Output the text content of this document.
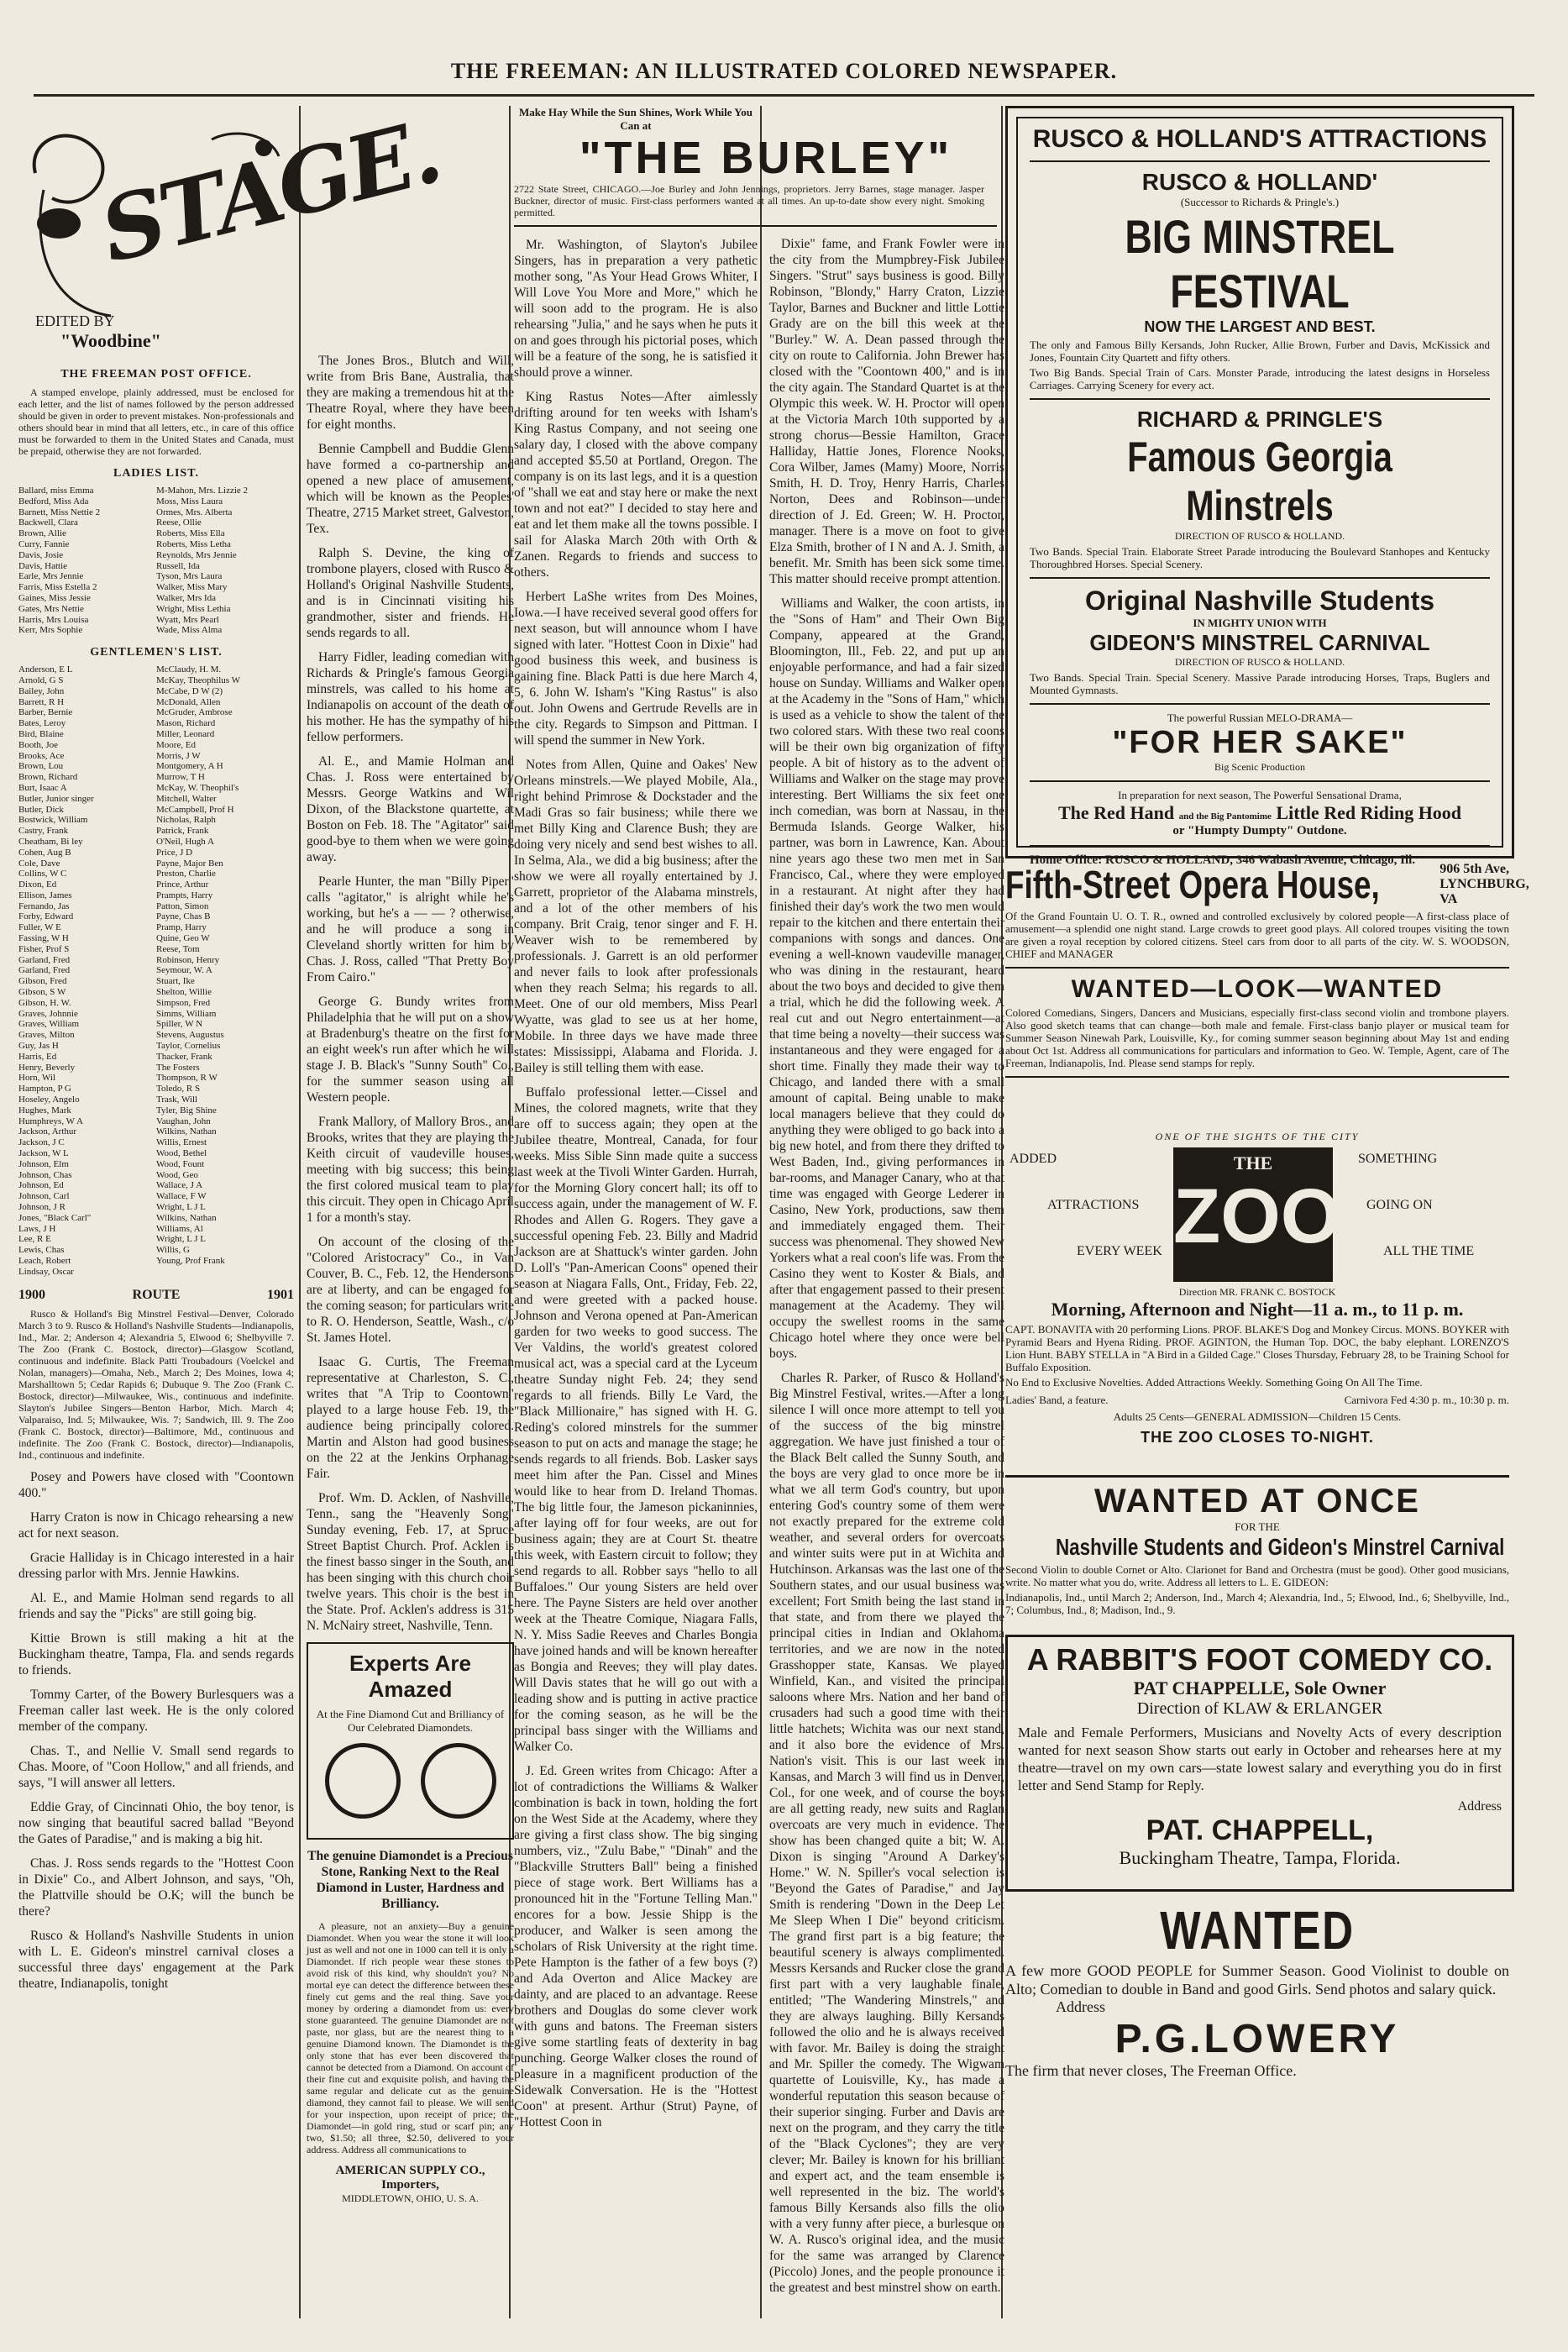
THE FREEMAN: AN ILLUSTRATED COLORED NEWSPAPER.
STAGE.
EDITED BY
"Woodbine"
THE FREEMAN POST OFFICE.

A stamped envelope, plainly addressed, must be enclosed for each letter, and the list of names followed by the person addressed should be given in order to prevent mistakes. Non-professionals and others should bear in mind that all letters, etc., in care of this office must be forwarded to them in the United States and Canada, must be prepaid, otherwise they are not forwarded.

LADIES LIST.
Ballard, miss Emma	M-Mahon, Mrs. Lizzie 2
Bedford, Miss Ada	Moss, Miss Laura
Barnett, Miss Nettie 2	Ormes, Mrs. Alberta
Backwell, Clara	Reese, Ollie
Brown, Allie	Roberts, Miss Ella
Curry, Fannie	Roberts, Miss Letha
Davis, Josie	Reynolds, Mrs Jennie
Davis, Hattie	Russell, Ida
Earle, Mrs Jennie	Tyson, Mrs Laura
Farris, Miss Estella 2	Walker, Miss Mary
Gaines, Miss Jessie	Walker, Mrs Ida
Gates, Mrs Nettie	Wright, Miss Lethia
Harris, Mrs Louisa	Wyatt, Mrs Pearl
Kerr, Mrs Sophie	Wade, Miss Alma
GENTLEMEN'S LIST.
Anderson, E L	McClaudy, H. M.
Arnold, G S	McKay, Theophilus W
Bailey, John	McCabe, D W (2)
Barrett, R H	McDonald, Allen
Barber, Bernie	McGruder, Ambrose
Bates, Leroy	Mason, Richard
Bird, Blaine	Miller, Leonard
Booth, Joe	Moore, Ed
Brooks, Ace	Morris, J W
Brown, Lou	Montgomery, A H
Brown, Richard	Murrow, T H
Burt, Isaac A	McKay, W. Theophil's
Butler, Junior singer	Mitchell, Walter
Butler, Dick	McCampbell, Prof H
Bostwick, William	Nicholas, Ralph
Castry, Frank	Patrick, Frank
Cheatham, Bi ley	O'Neil, Hugh A
Cohen, Aug B	Price, J D
Cole, Dave	Payne, Major Ben
Collins, W C	Preston, Charlie
Dixon, Ed	Prince, Arthur
Ellison, James	Prampts, Harry
Fernando, Jas	Patton, Simon
Forby, Edward	Payne, Chas B
Fuller, W E	Pramp, Harry
Fassing, W H	Quine, Geo W
Fisher, Prof S	Reese, Tom
Garland, Fred	Robinson, Henry
Garland, Fred	Seymour, W. A
Gibson, Fred	Stuart, Ike
Gibson, S W	Shelton, Willie
Gibson, H. W.	Simpson, Fred
Graves, Johnnie	Simms, William
Graves, William	Spiller, W N
Graves, Milton	Stevens, Augustus
Guy, Jas H	Taylor, Cornelius
Harris, Ed	Thacker, Frank
Henry, Beverly	The Fosters
Horn, Wil	Thompson, R W
Hampton, P G	Toledo, R S
Hoseley, Angelo	Trask, Will
Hughes, Mark	Tyler, Big Shine
Humphreys, W A	Vaughan, John
Jackson, Arthur	Wilkins, Nathan
Jackson, J C	Willis, Ernest
Jackson, W L	Wood, Bethel
Johnson, Elm	Wood, Fount
Johnson, Chas	Wood, Geo
Johnson, Ed	Wallace, J A
Johnson, Carl	Wallace, F W
Johnson, J R	Wright, L J L
Jones, "Black Carl"	Wilkins, Nathan
Laws, J H	Williams, Al
Lee, R E	Wright, L J L
Lewis, Chas	Willis, G
Leach, Robert	Young, Prof Frank
Lindsay, Oscar
1900	ROUTE	1901

Rusco & Holland's Big Minstrel Festival—Denver, Colorado March 3 to 9. Rusco & Holland's Nashville Students—Indianapolis, Ind., Mar. 2; Anderson 4; Alexandria 5, Elwood 6; Shelbyville 7. The Zoo (Frank C. Bostock, director)—Glasgow Scotland, continuous and indefinite. Black Patti Troubadours (Voelckel and Nolan, managers)—Omaha, Neb., March 2; Des Moines, Iowa 4; Marshalltown 5; Cedar Rapids 6; Dubuque 9. The Zoo (Frank C. Bostock, director)—Milwaukee, Wis., continuous and indefinite. Slayton's Jubilee Singers—Benton Harbor, Mich. March 4; Valparaiso, Ind. 5; Milwaukee, Wis. 7; Sandwich, Ill. 9. The Zoo (Frank C. Bostock, director)—Baltimore, Md., continuous and indefinite. The Zoo (Frank C. Bostock, director)—Indianapolis, Ind., continuous and indefinite.

Posey and Powers have closed with "Coontown 400."

Harry Craton is now in Chicago rehearsing a new act for next season.

Gracie Halliday is in Chicago interested in a hair dressing parlor with Mrs. Jennie Hawkins.

Al. E., and Mamie Holman send regards to all friends and say the "Picks" are still going big.

Kittie Brown is still making a hit at the Buckingham theatre, Tampa, Fla. and sends regards to friends.

Tommy Carter, of the Bowery Burlesquers was a Freeman caller last week. He is the only colored member of the company.

Chas. T., and Nellie V. Small send regards to Chas. Moore, of "Coon Hollow," and all friends, and says, "I will answer all letters.

Eddie Gray, of Cincinnati Ohio, the boy tenor, is now singing that beautiful sacred ballad "Beyond the Gates of Paradise," and is making a big hit.

Chas. J. Ross sends regards to the "Hottest Coon in Dixie" Co., and Albert Johnson, and says, "Oh, the Plattville should be O.K; will the bunch be there?

Rusco & Holland's Nashville Students in union with L. E. Gideon's minstrel carnival closes a successful three days' engagement at the Park theatre, Indianapolis, tonight

The Jones Bros., Blutch and Will, write from Bris Bane, Australia, that they are making a tremendous hit at the Theatre Royal, where they have been for eight months.

Bennie Campbell and Buddie Glenn have formed a co-partnership and opened a new place of amusement, which will be known as the Peoples' Theatre, 2715 Market street, Galveston, Tex.

Ralph S. Devine, the king of trombone players, closed with Rusco & Holland's Original Nashville Students, and is in Cincinnati visiting his grandmother, sister and friends. He sends regards to all.

Harry Fidler, leading comedian with Richards & Pringle's famous Georgia minstrels, was called to his home at Indianapolis on account of the death of his mother. He has the sympathy of his fellow performers.

Al. E., and Mamie Holman and Chas. J. Ross were entertained by Messrs. George Watkins and Wil Dixon, of the Blackstone quartette, at Boston on Feb. 18. The "Agitator" said good-bye to them when we were going away.

Pearle Hunter, the man "Billy Piper" calls "agitator," is alright while he's working, but he's a — — ? otherwise, and he will produce a song in Cleveland shortly written for him by Chas. J. Ross, called "That Pretty Boy From Cairo."

George G. Bundy writes from Philadelphia that he will put on a show at Bradenburg's theatre on the first for an eight week's run after which he will stage J. B. Black's "Sunny South" Co., for the summer season using all Western people.

Frank Mallory, of Mallory Bros., and Brooks, writes that they are playing the Keith circuit of vaudeville houses, meeting with big success; this being the first colored musical team to play this circuit. They open in Chicago April 1 for a month's stay.

On account of the closing of the "Colored Aristocracy" Co., in Van Couver, B. C., Feb. 12, the Hendersons are at liberty, and can be engaged for the coming season; for particulars write to R. O. Henderson, Seattle, Wash., c/o St. James Hotel.

Isaac G. Curtis, The Freeman representative at Charleston, S. C., writes that "A Trip to Coontown" played to a large house Feb. 19, the audience being principally colored. Martin and Alston had good business on the 22 at the Jenkins Orphanage Fair.

Prof. Wm. D. Acklen, of Nashville, Tenn., sang the "Heavenly Song" Sunday evening, Feb. 17, at Spruce Street Baptist Church. Prof. Acklen is the finest basso singer in the South, and has been singing with this church choir twelve years. This choir is the best in the State. Prof. Acklen's address is 315 N. McNairy street, Nashville, Tenn.

Experts Are Amazed
At the Fine Diamond Cut and Brilliancy of Our Celebrated Diamondets.

The genuine Diamondet is a Precious Stone, Ranking Next to the Real Diamond in Luster, Hardness and Brilliancy.

A pleasure, not an anxiety—Buy a genuine Diamondet. When you wear the stone it will look just as well and not one in 1000 can tell it is only a Diamondet. If rich people wear these stones to avoid risk of this kind, why shouldn't you? No mortal eye can detect the difference between these finely cut gems and the real thing. Save your money by ordering a diamondet from us: every stone guaranteed. The genuine Diamondet are not paste, nor glass, but are the nearest thing to a genuine Diamond known. The Diamondet is the only stone that has ever been discovered that cannot be detected from a Diamond. On account of their fine cut and exquisite polish, and having the same regular and delicate cut as the genuine diamond, they cannot fail to please. We will send for your inspection, upon receipt of price; the Diamondet—in gold ring, stud or scarf pin; any two, $1.50; all three, $2.50, delivered to your address. Address all communications to

AMERICAN SUPPLY CO., Importers,
MIDDLETOWN, OHIO, U. S. A.
Make Hay While the Sun Shines, Work While You Can at
"THE BURLEY"
2722 State Street, CHICAGO.—Joe Burley and John Jennings, proprietors. Jerry Barnes, stage manager. Jasper Buckner, director of music. First-class performers wanted at all times. An up-to-date show every night. Smoking permitted.

Mr. Washington, of Slayton's Jubilee Singers, has in preparation a very pathetic mother song, "As Your Head Grows Whiter, I Will Love You More and More," which he will soon add to the program. He is also rehearsing "Julia," and he says when he puts it on and goes through his pictorial poses, which will be a feature of the song, he is satisfied it should prove a winner.

King Rastus Notes—After aimlessly drifting around for ten weeks with Isham's King Rastus Company, and not seeing one salary day, I closed with the above company and accepted $5.50 at Portland, Oregon. The company is on its last legs, and it is a question of "shall we eat and stay here or make the next town and not eat?" I decided to stay here and eat and let them make all the towns possible. I sail for Alaska March 20th with Orth & Zanen. Regards to friends and success to others.

Herbert LaShe writes from Des Moines, Iowa.—I have received several good offers for next season, but will announce whom I have signed with later. "Hottest Coon in Dixie" had good business this week, and business is gaining fine. Black Patti is due here March 4, 5, 6. John W. Isham's "King Rastus" is also out. John Owens and Gertrude Revells are in the city. Regards to Simpson and Pittman. I will spend the summer in New York.

Notes from Allen, Quine and Oakes' New Orleans minstrels.—We played Mobile, Ala., right behind Primrose & Dockstader and the Madi Gras so fair business; while there we met Billy King and Clarence Bush; they are doing very nicely and send best wishes to all. In Selma, Ala., we did a big business; after the show we were all royally entertained by J. Garrett, proprietor of the Alabama minstrels, and a lot of the other members of his company. Brit Craig, tenor singer and F. H. Weaver wish to be remembered by professionals. J. Garrett is an old performer and never fails to look after professionals when they reach Selma; his regards to all. Meet. One of our old members, Miss Pearl Wyatte, was glad to see us at her home, Mobile. In three days we have made three states: Mississippi, Alabama and Florida. J. Bailey is still telling them with ease.

Buffalo professional letter.—Cissel and Mines, the colored magnets, write that they are off to success again; they open at the Jubilee theatre, Montreal, Canada, for four weeks. Miss Sible Sinn made quite a success last week at the Tivoli Winter Garden. Hurrah, for the Morning Glory concert hall; its off to success again, under the management of W. F. Rhodes and Allen G. Rogers. They gave a successful opening Feb. 23. Billy and Madrid Jackson are at Shattuck's winter garden. John D. Loll's "Pan-American Coons" opened their season at Niagara Falls, Ont., Friday, Feb. 22, and were greeted with a packed house. Johnson and Verona opened at Pan-American garden for two weeks to good success. The Ver Valdins, the world's greatest colored musical act, was a special card at the Lyceum theatre Sunday night Feb. 24; they send regards to all friends. Billy Le Vard, the "Black Millionaire," has signed with H. G. Reding's colored minstrels for the summer season to put on acts and manage the stage; he sends regards to all friends. Bob. Lasker says meet him after the Pan. Cissel and Mines would like to hear from D. Ireland Thomas. The big little four, the Jameson pickaninnies, after laying off for four weeks, are out for business again; they are at Court St. theatre this week, with Eastern circuit to follow; they send regards to all. Robber says "hello to all Buffaloes." Our young Sisters are held over here. The Payne Sisters are held over another week at the Theatre Comique, Niagara Falls, N. Y. Miss Sadie Reeves and Charles Bongia have joined hands and will be known hereafter as Bongia and Reeves; they will play dates. Will Davis states that he will go out with a leading show and is putting in active practice for the coming season, as he will be the principal bass singer with the Williams and Walker Co.

J. Ed. Green writes from Chicago: After a lot of contradictions the Williams & Walker combination is back in town, holding the fort on the West Side at the Academy, where they are giving a first class show. The big singing numbers, viz., "Zulu Babe," "Dinah" and the "Blackville Strutters Ball" being a finished piece of stage work. Bert Williams has a pronounced hit in the "Fortune Telling Man." encores for a bow. Jessie Shipp is the producer, and Walker is seen among the scholars of Risk University at the right time. Pete Hampton is the father of a few boys (?) and Ada Overton and Alice Mackey are dainty, and are placed to an advantage. Reese brothers and Douglas do some clever work with guns and batons. The Freeman sisters give some startling feats of dexterity in bag punching. George Walker closes the round of pleasure in a magnificent production of the Sidewalk Conversation. He is the "Hottest Coon" at present. Arthur (Strut) Payne, of "Hottest Coon in

Dixie" fame, and Frank Fowler were in the city from the Mumpbrey-Fisk Jubilee Singers. "Strut" says business is good. Billy Robinson, "Blondy," Harry Craton, Lizzie Taylor, Barnes and Buckner and little Lottie Grady are on the bill this week at the "Burley." W. A. Dean passed through the city on route to California. John Brewer has closed with the "Coontown 400," and is in the city again. The Standard Quartet is at the Olympic this week. W. H. Proctor will open at the Victoria March 10th supported by a strong chorus—Bessie Hamilton, Grace Halliday, Hattie Jones, Florence Nooks, Cora Wilber, James (Mamy) Moore, Norris Smith, H. D. Troy, Henry Harris, Charles Norton, Dees and Robinson—under direction of J. Ed. Green; W. H. Proctor, manager. There is a move on foot to give Elza Smith, brother of I N and A. J. Smith, a benefit. Mr. Smith has been sick some time. This matter should receive prompt attention.

Williams and Walker, the coon artists, in the "Sons of Ham" and Their Own Big Company, appeared at the Grand, Bloomington, Ill., Feb. 22, and put up an enjoyable performance, and had a fair sized house on Sunday. Williams and Walker open at the Academy in the "Sons of Ham," which is used as a vehicle to show the talent of the two colored stars. With these two real coons will be their own big organization of fifty people. A bit of history as to the advent of Williams and Walker on the stage may prove interesting. Bert Williams the six feet one inch comedian, was born at Nassau, in the Bermuda Islands. George Walker, his partner, was born in Lawrence, Kan. About nine years ago these two men met in San Francisco, Cal., where they were employed in a restaurant. At night after they had finished their day's work the two men would repair to the kitchen and there entertain their companions with songs and dances. One evening a well-known vaudeville manager, who was dining in the restaurant, heard about the two boys and decided to give them a trial, which he did the following week. A real cut and out Negro entertainment—at that time being a novelty—their success was instantaneous and they were engaged for a short time. Finally they made their way to Chicago, and landed there with a small amount of capital. Being unable to make local managers believe that they could do anything they were obliged to go back into a big new hotel, and from there they drifted to West Baden, Ind., giving performances in bar-rooms, and Manager Canary, who at that time was engaged with George Lederer in Casino, New York, productions, saw them and immediately engaged them. Their success was phenomenal. They showed New Yorkers what a real coon's life was. From the Casino they went to Koster & Bials, and after that engagement passed to their present management at the Academy. They will occupy the swellest rooms in the same Chicago hotel where they once were bell boys.

Charles R. Parker, of Rusco & Holland's Big Minstrel Festival, writes.—After a long silence I will once more attempt to tell you of the success of the big minstrel aggregation. We have just finished a tour of the Black Belt called the Sunny South, and the boys are very glad to once more be in what we all term God's country, but upon entering God's country some of them were not exactly prepared for the extreme cold weather, and several orders for overcoats and winter suits were put in at Wichita and Hutchinson. Arkansas was the last one of the Southern states, and our usual business was excellent; Fort Smith being the last stand in that state, and from there we played the principal cities in Indian and Oklahoma territories, and we are now in the noted Grasshopper state, Kansas. We played Winfield, Kan., and visited the principal saloons where Mrs. Nation and her band of crusaders had such a good time with their little hatchets; Wichita was our next stand, and it also bore the evidence of Mrs. Nation's visit. This is our last week in Kansas, and March 3 will find us in Denver, Col., for one week, and of course the boys are all getting ready, new suits and Raglan overcoats are very much in evidence. The show has been changed quite a bit; W. A. Dixon is singing "Around A Darkey's Home." W. N. Spiller's vocal selection is "Beyond the Gates of Paradise," and Jay Smith is rendering "Down in the Deep Let Me Sleep When I Die" beyond criticism. The grand first part is a big feature; the beautiful scenery is always complimented. Messrs Kersands and Rucker close the grand first part with a very laughable finale, entitled; "The Wandering Minstrels," and they are always laughing. Billy Kersands followed the olio and he is always received with favor. Mr. Bailey is doing the straight and Mr. Spiller the comedy. The Wigwam quartette of Louisville, Ky., has made a wonderful reputation this season because of their superior singing. Furber and Davis are next on the program, and they carry the title of the "Black Cyclones"; they are very clever; Mr. Bailey is known for his brilliant and expert act, and the team ensemble is well represented in the biz. The world's famous Billy Kersands also fills the olio with a very funny after piece, a burlesque on W. A. Rusco's original idea, and the music for the same was arranged by Clarence (Piccolo) Jones, and the people pronounce it the greatest and best minstrel show on earth.

RUSCO & HOLLAND'S ATTRACTIONS
RUSCO & HOLLAND'
(Successor to Richards & Pringle's.)
BIG MINSTREL FESTIVAL
NOW THE LARGEST AND BEST.
The only and Famous Billy Kersands, John Rucker, Allie Brown, Furber and Davis, McKissick and Jones, Fountain City Quartett and fifty others.
Two Big Bands. Special Train of Cars. Monster Parade, introducing the latest designs in Horseless Carriages. Carrying Scenery for every act.
RICHARD & PRINGLE'S
Famous Georgia Minstrels
DIRECTION OF RUSCO & HOLLAND.
Two Bands. Special Train. Elaborate Street Parade introducing the Boulevard Stanhopes and Kentucky Thoroughbred Horses. Special Scenery.
Original Nashville Students
IN MIGHTY UNION WITH
GIDEON'S MINSTREL CARNIVAL
DIRECTION OF RUSCO & HOLLAND.
Two Bands. Special Train. Special Scenery. Massive Parade introducing Horses, Traps, Buglers and Mounted Gymnasts.
The powerful Russian MELO-DRAMA—
"FOR HER SAKE"
Big Scenic Production
In preparation for next season, The Powerful Sensational Drama,
The Red Hand and the Big Pantomime Little Red Riding Hood
or "Humpty Dumpty" Outdone.
Home Office: RUSCO & HOLLAND, 346 Wabash Avenue, Chicago, Ill.
Fifth-Street Opera House,	906 5th Ave, LYNCHBURG, VA
Of the Grand Fountain U. O. T. R., owned and controlled exclusively by colored people—A first-class place of amusement—a splendid one night stand. Large crowds to greet good plays. All colored troupes visiting the town are given a royal reception by colored citizens. Steel cars from door to all parts of the city. W. S. WOODSON, CHIEF and MANAGER
WANTED—LOOK—WANTED
Colored Comedians, Singers, Dancers and Musicians, especially first-class second violin and trombone players. Also good sketch teams that can change—both male and female. First-class banjo player or musical team for Summer Season Ninewah Park, Louisville, Ky., for coming summer season beginning about May 1st and ending about Oct 1st. Address all communications for particulars and information to Geo. W. Temple, Agent, care of The Freeman, Indianapolis, Ind. Please send stamps for reply.
ONE OF THE SIGHTS OF THE CITY
ADDED
ATTRACTIONS
EVERY WEEK
THE
ZOO
SOMETHING
GOING ON
ALL THE TIME
Direction MR. FRANK C. BOSTOCK
Morning, Afternoon and Night—11 a. m., to 11 p. m.
CAPT. BONAVITA with 20 performing Lions. PROF. BLAKE'S Dog and Monkey Circus. MONS. BOYKER with Pyramid Bears and Hyena Riding. PROF. AGINTON, the Human Top. DOC, the baby elephant. LORENZO'S Lion Hunt. BABY STELLA in "A Bird in a Gilded Cage." Closes Thursday, February 28, to be Training School for Buffalo Exposition.
No End to Exclusive Novelties. Added Attractions Weekly. Something Going On All The Time.
Ladies' Band, a feature.	Carnivora Fed 4:30 p. m., 10:30 p. m.
Adults 25 Cents— GENERAL ADMISSION —Children 15 Cents.
THE ZOO CLOSES TO-NIGHT.
WANTED AT ONCE
FOR THE
Nashville Students and Gideon's Minstrel Carnival
Second Violin to double Cornet or Alto. Clarionet for Band and Orchestra (must be good). Other good musicians, write. No matter what you do, write. Address all letters to L. E. GIDEON:
Indianapolis, Ind., until March 2; Anderson, Ind., March 4; Alexandria, Ind., 5; Elwood, Ind., 6; Shelbyville, Ind., 7; Columbus, Ind., 8; Madison, Ind., 9.
A RABBIT'S FOOT COMEDY CO.
PAT CHAPPELLE, Sole Owner
Direction of KLAW & ERLANGER
Male and Female Performers, Musicians and Novelty Acts of every description wanted for next season Show starts out early in October and rehearses here at my theatre—travel on my own cars—state lowest salary and everything you do in first letter and Send Stamp for Reply.
Address
PAT. CHAPPELL,
Buckingham Theatre, Tampa, Florida.
WANTED
A few more GOOD PEOPLE for Summer Season. Good Violinist to double on Alto; Comedian to double in Band and good Girls. Send photos and salary quick.
Address
P.G.LOWERY
The firm that never closes, The Freeman Office.
